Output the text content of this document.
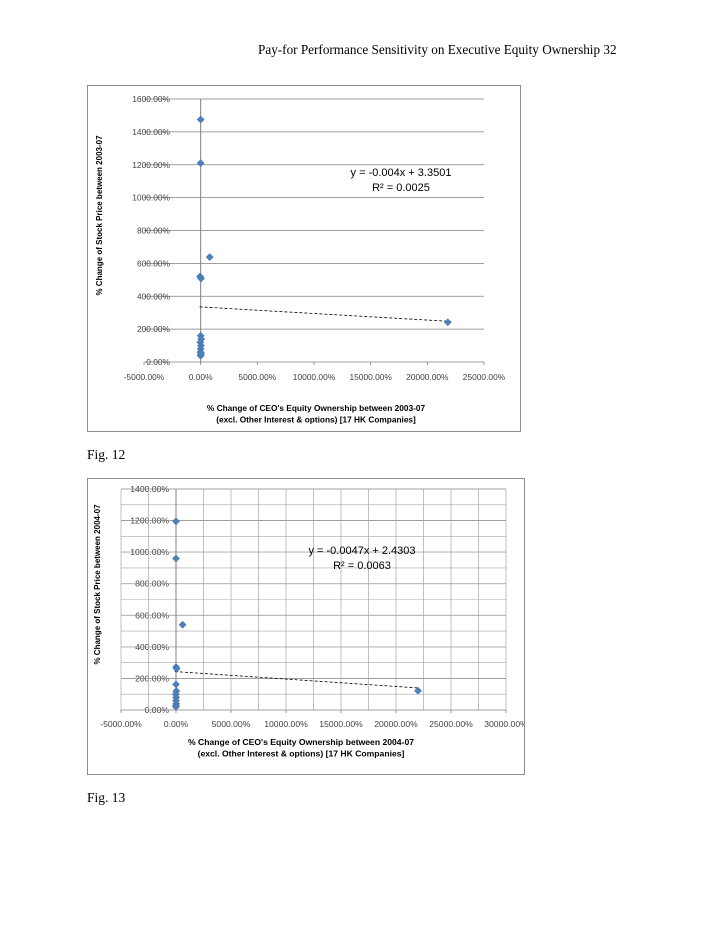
Pay-for Performance Sensitivity on Executive Equity Ownership 32
0.00%
200.00%
400.00%
600.00%
800.00%
1000.00%
1200.00%
1400.00%
1600.00%
-5000.00%	0.00%	5000.00% 10000.00% 15000.00% 20000.00% 25000.00%
y = -0.004x + 3.3501
R² = 0.0025
% Change of Stock Price between 2003-07
% Change of CEO's Equity Ownership between 2003-07
(excl. Other Interest & options) [17 HK Companies]
Fig. 12
0.00%
200.00%
400.00%
600.00%
800.00%
1000.00%
1200.00%
1400.00%
-5000.00%	0.00%	5000.00% 10000.00% 15000.00% 20000.00% 25000.00% 30000.00%
y = -0.0047x + 2.4303
R² = 0.0063
% Change of Stock Price between 2004-07
% Change of CEO's Equity Ownership between 2004-07
(excl. Other Interest & options) [17 HK Companies]
Fig. 13
